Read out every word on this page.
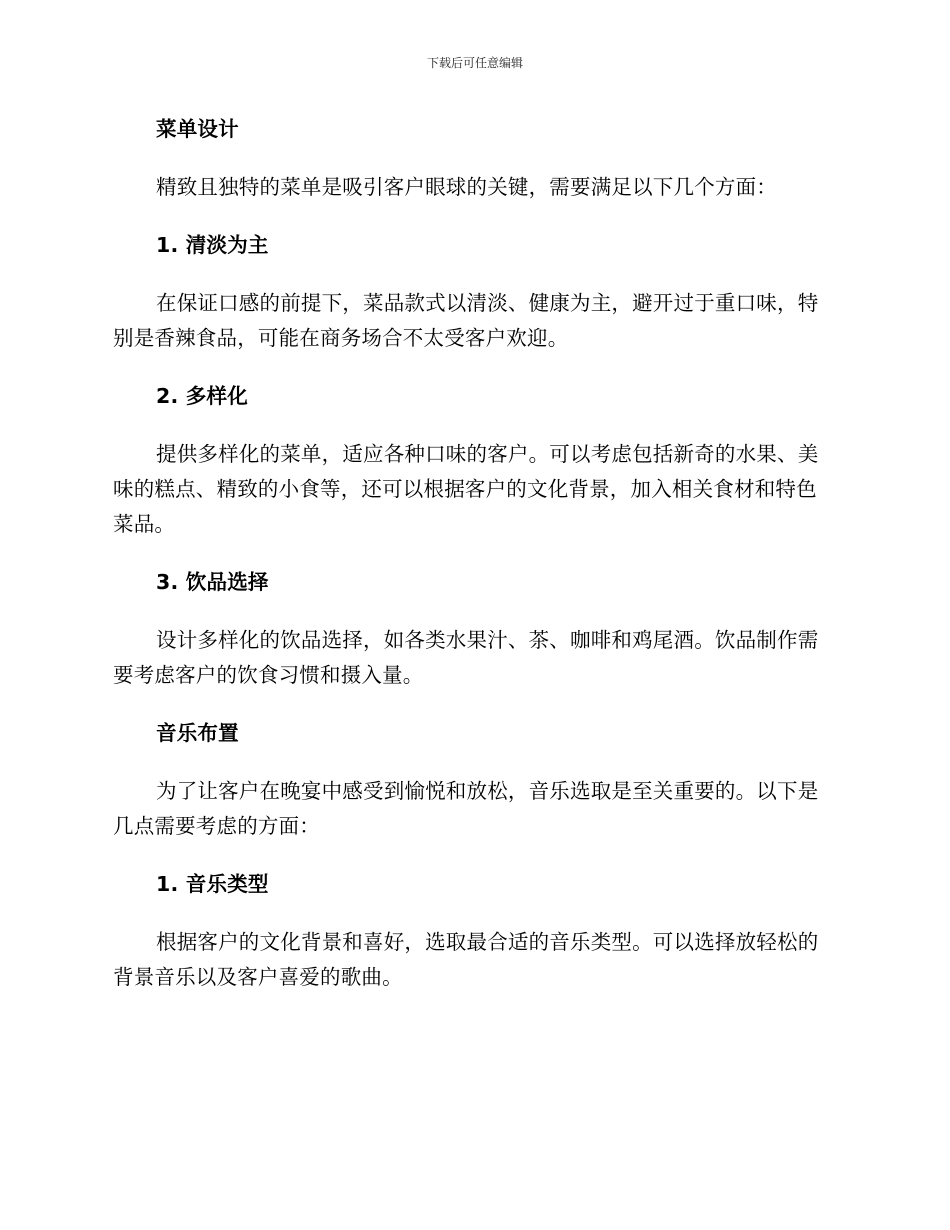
下载后可任意编辑

菜单设计

精致且独特的菜单是吸引客户眼球的关键，需要满足以下几个方面：

1. 清淡为主

在保证口感的前提下，菜品款式以清淡、健康为主，避开过于重口味，特别是香辣食品，可能在商务场合不太受客户欢迎。

2. 多样化

提供多样化的菜单，适应各种口味的客户。可以考虑包括新奇的水果、美味的糕点、精致的小食等，还可以根据客户的文化背景，加入相关食材和特色菜品。

3. 饮品选择

设计多样化的饮品选择，如各类水果汁、茶、咖啡和鸡尾酒。饮品制作需要考虑客户的饮食习惯和摄入量。

音乐布置

为了让客户在晚宴中感受到愉悦和放松，音乐选取是至关重要的。以下是几点需要考虑的方面：

1. 音乐类型

根据客户的文化背景和喜好，选取最合适的音乐类型。可以选择放轻松的背景音乐以及客户喜爱的歌曲。
